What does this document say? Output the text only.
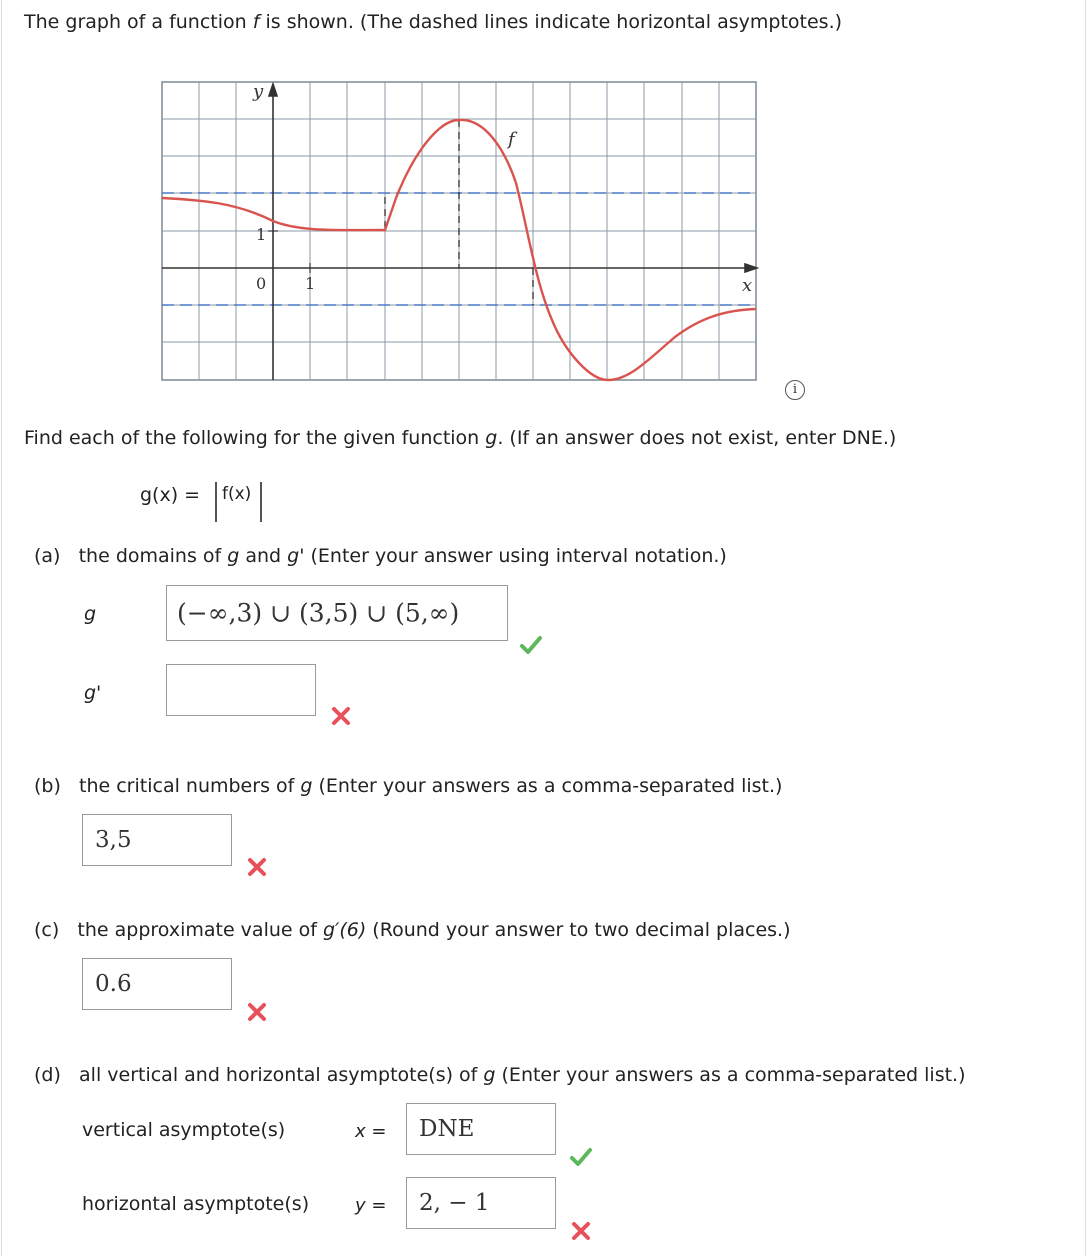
The graph of a function f is shown. (The dashed lines indicate horizontal asymptotes.)
y
x
f
1
0 1
i
Find each of the following for the given function g. (If an answer does not exist, enter DNE.)
g(x) = f(x)
(a) the domains of g and g' (Enter your answer using interval notation.)
g	(−∞,3) ∪ (3,5) ∪ (5,∞)
g'
(b) the critical numbers of g (Enter your answers as a comma-separated list.)
3,5
(c) the approximate value of g′(6) (Round your answer to two decimal places.)
0.6
(d) all vertical and horizontal asymptote(s) of g (Enter your answers as a comma-separated list.)
vertical asymptote(s)	x = DNE
horizontal asymptote(s)	y = 2, − 1
